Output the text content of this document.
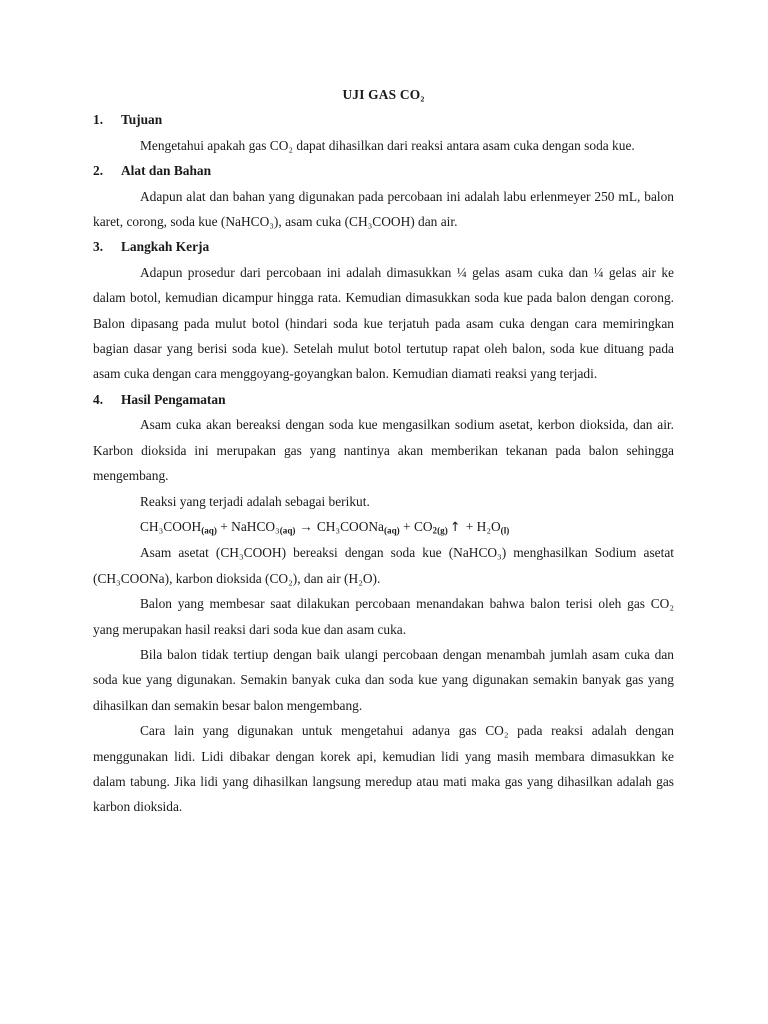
UJI GAS CO₂

1.	Tujuan

Mengetahui apakah gas CO₂ dapat dihasilkan dari reaksi antara asam cuka dengan soda kue.

2.	Alat dan Bahan

Adapun alat dan bahan yang digunakan pada percobaan ini adalah labu erlenmeyer 250 mL, balon karet, corong, soda kue (NaHCO₃), asam cuka (CH₃COOH) dan air.

3.	Langkah Kerja

Adapun prosedur dari percobaan ini adalah dimasukkan ¼ gelas asam cuka dan ¼ gelas air ke dalam botol, kemudian dicampur hingga rata. Kemudian dimasukkan soda kue pada balon dengan corong. Balon dipasang pada mulut botol (hindari soda kue terjatuh pada asam cuka dengan cara memiringkan bagian dasar yang berisi soda kue). Setelah mulut botol tertutup rapat oleh balon, soda kue dituang pada asam cuka dengan cara menggoyang-goyangkan balon. Kemudian diamati reaksi yang terjadi.

4.	Hasil Pengamatan

Asam cuka akan bereaksi dengan soda kue mengasilkan sodium asetat, kerbon dioksida, dan air. Karbon dioksida ini merupakan gas yang nantinya akan memberikan tekanan pada balon sehingga mengembang.

Reaksi yang terjadi adalah sebagai berikut.

$CH_3COOH_{(aq)}$ + $NaHCO_3_{(aq)}$ → CH₃COONa$_{(aq)}$ + $CO_{2(g)}$ ↑ + $H_2O_{(l)}$

Asam asetat (CH₃COOH) bereaksi dengan soda kue (NaHCO₃) menghasilkan Sodium asetat (CH₃COONa), karbon dioksida (CO₂), dan air (H₂O).

Balon yang membesar saat dilakukan percobaan menandakan bahwa balon terisi oleh gas CO₂ yang merupakan hasil reaksi dari soda kue dan asam cuka.

Bila balon tidak tertiup dengan baik ulangi percobaan dengan menambah jumlah asam cuka dan soda kue yang digunakan. Semakin banyak cuka dan soda kue yang digunakan semakin banyak gas yang dihasilkan dan semakin besar balon mengembang.

Cara lain yang digunakan untuk mengetahui adanya gas CO₂ pada reaksi adalah dengan menggunakan lidi. Lidi dibakar dengan korek api, kemudian lidi yang masih membara dimasukkan ke dalam tabung. Jika lidi yang dihasilkan langsung meredup atau mati maka gas yang dihasilkan adalah gas karbon dioksida.
